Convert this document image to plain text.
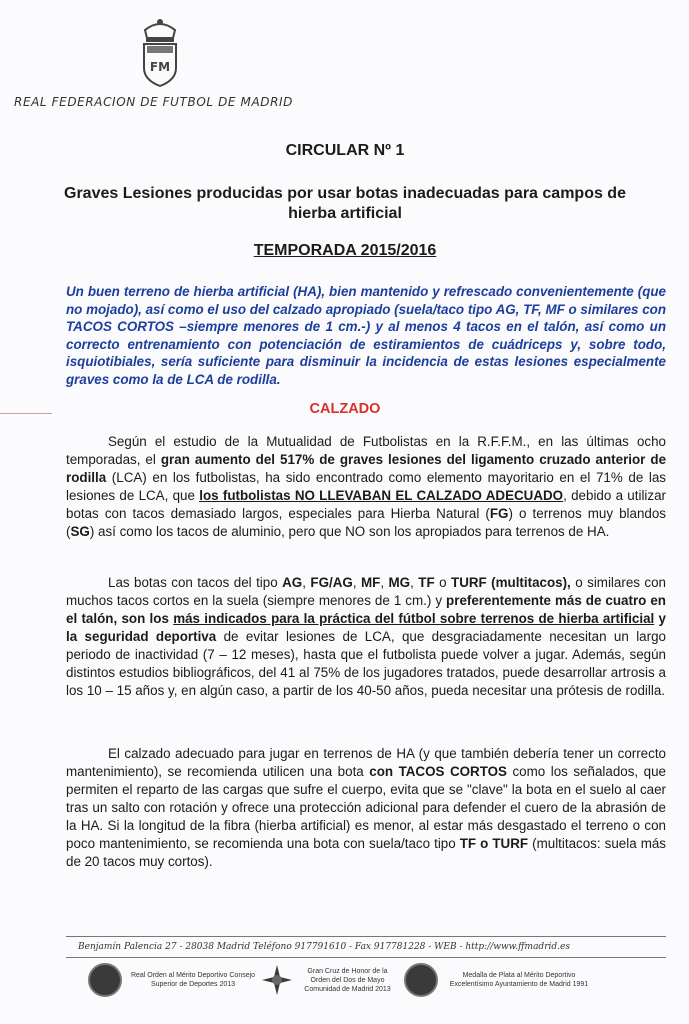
FM
REAL FEDERACION DE FUTBOL DE MADRID
CIRCULAR Nº 1
Graves Lesiones producidas por usar botas inadecuadas para campos de hierba artificial
TEMPORADA 2015/2016
Un buen terreno de hierba artificial (HA), bien mantenido y refrescado convenientemente (que no mojado), así como el uso del calzado apropiado (suela/taco tipo AG, TF, MF o similares con TACOS CORTOS –siempre menores de 1 cm.-) y al menos 4 tacos en el talón, así como un correcto entrenamiento con potenciación de estiramientos de cuádriceps y, sobre todo, isquiotibiales, sería suficiente para disminuir la incidencia de estas lesiones especialmente graves como la de LCA de rodilla.
CALZADO
Según el estudio de la Mutualidad de Futbolistas en la R.F.F.M., en las últimas ocho temporadas, el gran aumento del 517% de graves lesiones del ligamento cruzado anterior de rodilla (LCA) en los futbolistas, ha sido encontrado como elemento mayoritario en el 71% de las lesiones de LCA, que los futbolistas NO LLEVABAN EL CALZADO ADECUADO, debido a utilizar botas con tacos demasiado largos, especiales para Hierba Natural (FG) o terrenos muy blandos (SG) así como los tacos de aluminio, pero que NO son los apropiados para terrenos de HA.
Las botas con tacos del tipo AG, FG/AG, MF, MG, TF o TURF (multitacos), o similares con muchos tacos cortos en la suela (siempre menores de 1 cm.) y preferentemente más de cuatro en el talón, son los más indicados para la práctica del fútbol sobre terrenos de hierba artificial y la seguridad deportiva de evitar lesiones de LCA, que desgraciadamente necesitan un largo periodo de inactividad (7 – 12 meses), hasta que el futbolista puede volver a jugar. Además, según distintos estudios bibliográficos, del 41 al 75% de los jugadores tratados, puede desarrollar artrosis a los 10 – 15 años y, en algún caso, a partir de los 40-50 años, pueda necesitar una prótesis de rodilla.
El calzado adecuado para jugar en terrenos de HA (y que también debería tener un correcto mantenimiento), se recomienda utilicen una bota con TACOS CORTOS como los señalados, que permiten el reparto de las cargas que sufre el cuerpo, evita que se "clave" la bota en el suelo al caer tras un salto con rotación y ofrece una protección adicional para defender el cuero de la abrasión de la HA. Si la longitud de la fibra (hierba artificial) es menor, al estar más desgastado el terreno o con poco mantenimiento, se recomienda una bota con suela/taco tipo TF o TURF (multitacos: suela más de 20 tacos muy cortos).
Benjamín Palencia 27 - 28038 Madrid Teléfono 917791610 - Fax 917781228 - WEB - http://www.ffmadrid.es
Real Orden al Mérito Deportivo Consejo Superior de Deportes 2013
Gran Cruz de Honor de la Orden del Dos de Mayo Comunidad de Madrid 2013
Medalla de Plata al Mérito Deportivo Excelentísimo Ayuntamiento de Madrid 1991
